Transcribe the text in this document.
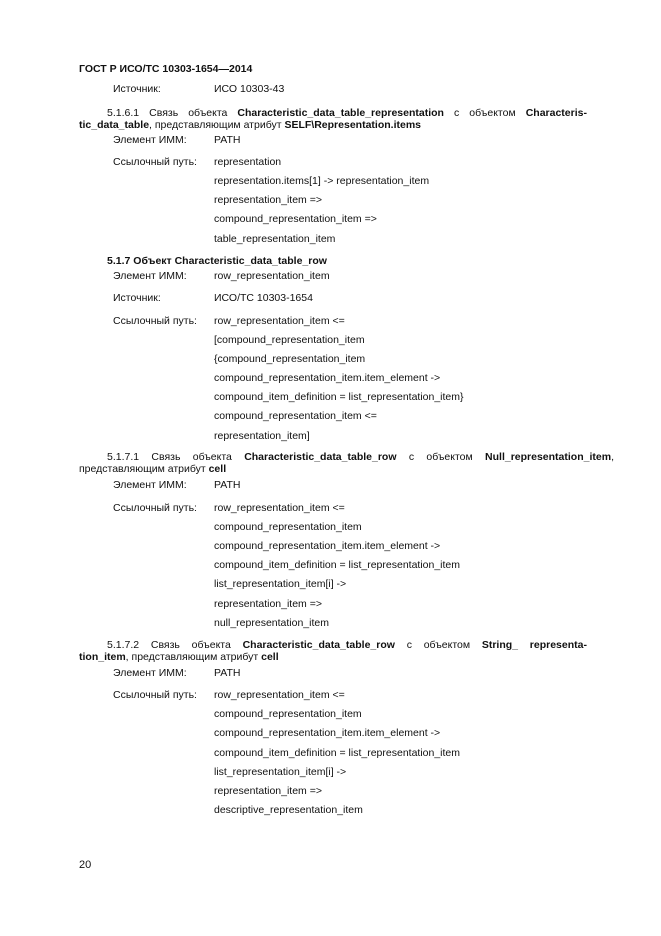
ГОСТ Р ИСО/ТС 10303-1654—2014
Источник:	ИСО 10303-43
5.1.6.1 Связь объекта Characteristic_data_table_representation с объектом Characteris-
tic_data_table, представляющим атрибут SELF\Representation.items
Элемент ИММ:	PATH
Ссылочный путь: representation
representation.items[1] -> representation_item
representation_item =>
compound_representation_item =>
table_representation_item
5.1.7 Объект Characteristic_data_table_row
Элемент ИММ:	row_representation_item
Источник:	ИСО/ТС 10303-1654
Ссылочный путь: row_representation_item <=
[compound_representation_item
{compound_representation_item
compound_representation_item.item_element ->
compound_item_definition = list_representation_item}
compound_representation_item <=
representation_item]
5.1.7.1 Связь объекта Characteristic_data_table_row с объектом Null_representation_item,
представляющим атрибут cell
Элемент ИММ:	PATH
Ссылочный путь: row_representation_item <=
compound_representation_item
compound_representation_item.item_element ->
compound_item_definition = list_representation_item
list_representation_item[i] ->
representation_item =>
null_representation_item
5.1.7.2 Связь объекта Characteristic_data_table_row с объектом String_ representa-
tion_item, представляющим атрибут cell
Элемент ИММ:	PATH
Ссылочный путь: row_representation_item <=
compound_representation_item
compound_representation_item.item_element ->
compound_item_definition = list_representation_item
list_representation_item[i] ->
representation_item =>
descriptive_representation_item
20
